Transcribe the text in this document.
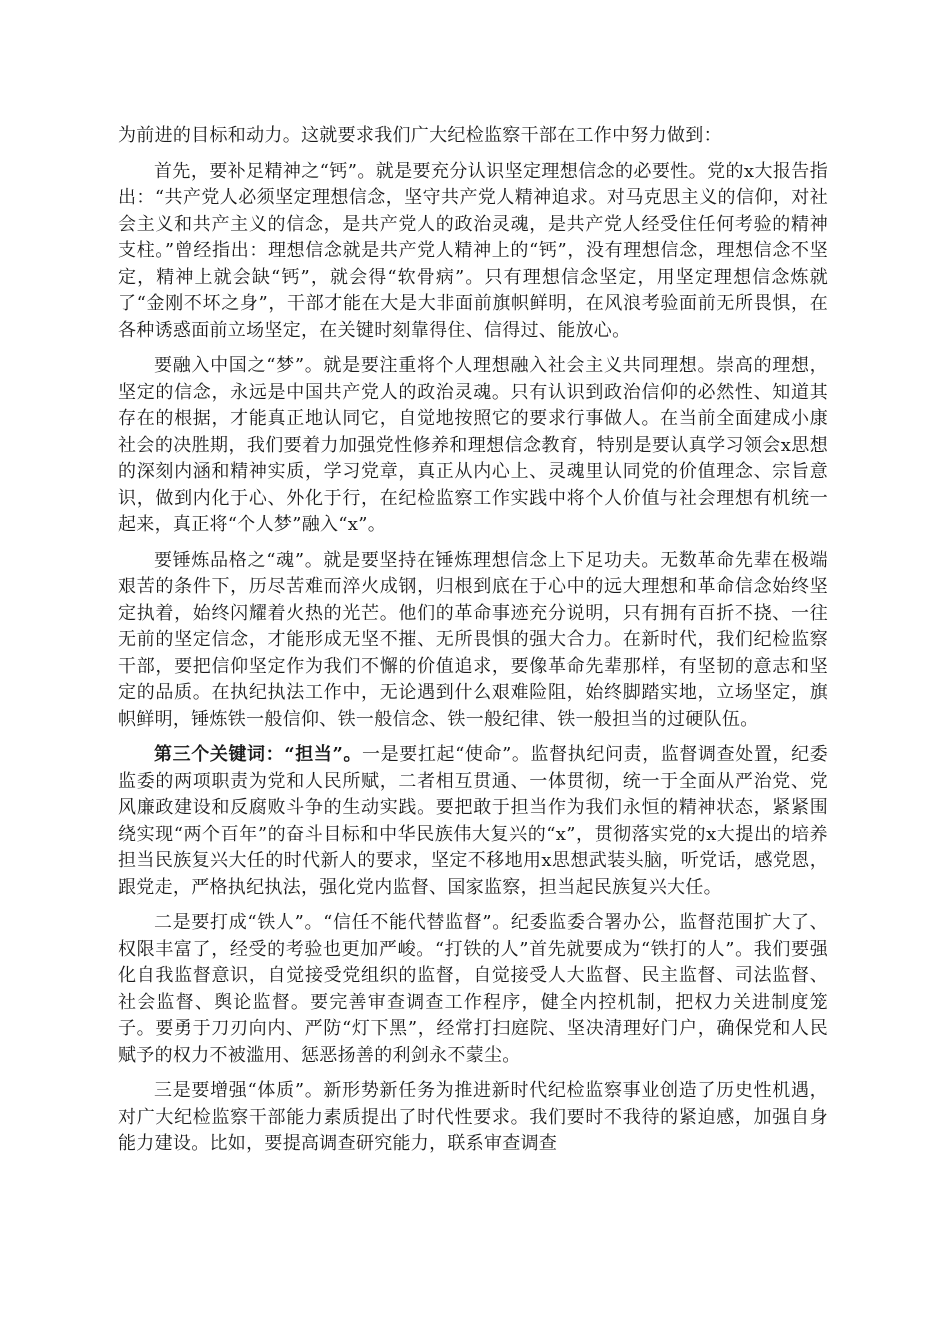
为前进的目标和动力。这就要求我们广大纪检监察干部在工作中努力做到：

首先，要补足精神之“钙”。就是要充分认识坚定理想信念的必要性。党的x大报告指出：“共产党人必须坚定理想信念，坚守共产党人精神追求。对马克思主义的信仰，对社会主义和共产主义的信念，是共产党人的政治灵魂，是共产党人经受住任何考验的精神支柱。”曾经指出：理想信念就是共产党人精神上的“钙”，没有理想信念，理想信念不坚定，精神上就会缺“钙”，就会得“软骨病”。只有理想信念坚定，用坚定理想信念炼就了“金刚不坏之身”，干部才能在大是大非面前旗帜鲜明，在风浪考验面前无所畏惧，在各种诱惑面前立场坚定，在关键时刻靠得住、信得过、能放心。

要融入中国之“梦”。就是要注重将个人理想融入社会主义共同理想。崇高的理想，坚定的信念，永远是中国共产党人的政治灵魂。只有认识到政治信仰的必然性、知道其存在的根据，才能真正地认同它，自觉地按照它的要求行事做人。在当前全面建成小康社会的决胜期，我们要着力加强党性修养和理想信念教育，特别是要认真学习领会x思想的深刻内涵和精神实质，学习党章，真正从内心上、灵魂里认同党的价值理念、宗旨意识，做到内化于心、外化于行，在纪检监察工作实践中将个人价值与社会理想有机统一起来，真正将“个人梦”融入“x”。

要锤炼品格之“魂”。就是要坚持在锤炼理想信念上下足功夫。无数革命先辈在极端艰苦的条件下，历尽苦难而淬火成钢，归根到底在于心中的远大理想和革命信念始终坚定执着，始终闪耀着火热的光芒。他们的革命事迹充分说明，只有拥有百折不挠、一往无前的坚定信念，才能形成无坚不摧、无所畏惧的强大合力。在新时代，我们纪检监察干部，要把信仰坚定作为我们不懈的价值追求，要像革命先辈那样，有坚韧的意志和坚定的品质。在执纪执法工作中，无论遇到什么艰难险阻，始终脚踏实地，立场坚定，旗帜鲜明，锤炼铁一般信仰、铁一般信念、铁一般纪律、铁一般担当的过硬队伍。

第三个关键词：“担当”。一是要扛起“使命”。监督执纪问责，监督调查处置，纪委监委的两项职责为党和人民所赋，二者相互贯通、一体贯彻，统一于全面从严治党、党风廉政建设和反腐败斗争的生动实践。要把敢于担当作为我们永恒的精神状态，紧紧围绕实现“两个百年”的奋斗目标和中华民族伟大复兴的“x”，贯彻落实党的x大提出的培养担当民族复兴大任的时代新人的要求，坚定不移地用x思想武装头脑，听党话，感党恩，跟党走，严格执纪执法，强化党内监督、国家监察，担当起民族复兴大任。

二是要打成“铁人”。“信任不能代替监督”。纪委监委合署办公，监督范围扩大了、权限丰富了，经受的考验也更加严峻。“打铁的人”首先就要成为“铁打的人”。我们要强化自我监督意识，自觉接受党组织的监督，自觉接受人大监督、民主监督、司法监督、社会监督、舆论监督。要完善审查调查工作程序，健全内控机制，把权力关进制度笼子。要勇于刀刃向内、严防“灯下黑”，经常打扫庭院、坚决清理好门户，确保党和人民赋予的权力不被滥用、惩恶扬善的利剑永不蒙尘。

三是要增强“体质”。新形势新任务为推进新时代纪检监察事业创造了历史性机遇，对广大纪检监察干部能力素质提出了时代性要求。我们要时不我待的紧迫感，加强自身能力建设。比如，要提高调查研究能力，联系审查调查
